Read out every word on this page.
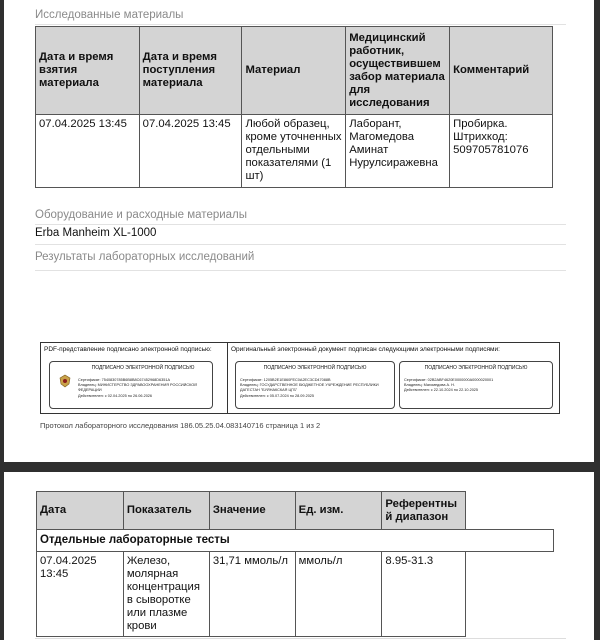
Исследованные материалы
Дата и время взятия материала	Дата и время поступления материала	Материал	Медицинский работник, осуществившем забор материала для исследования	Комментарий
07.04.2025 13:45	07.04.2025 13:45	Любой образец, кроме уточненных отдельными показателями (1 шт)	Лаборант, Магомедова Аминат Нурулсиражевна	Пробирка. Штрихкод: 509705781076
Оборудование и расходные материалы
Erba Manheim XL-1000
Результаты лабораторных исследований
PDF-представление подписано электронной подписью:	Оригинальный электронный документ подписан следующими электронными подписями:
ПОДПИСАНО ЭЛЕКТРОННОЙ ПОДПИСЬЮ
Сертификат: 7540830785B6B8B8C67452968D6351A
Владелец: МИНИСТЕРСТВО ЗДРАВООХРАНЕНИЯ РОССИЙСКОЙ
ФЕДЕРАЦИИ
Действителен: с 02.04.2025 по 26.06.2026
ПОДПИСАНО ЭЛЕКТРОННОЙ ПОДПИСЬЮ
Сертификат: 1205B2E1E860FEC0A2EC3CD47088B
Владелец: ГОСУДАРСТВЕННОЕ БЮДЖЕТНОЕ УЧРЕЖДЕНИЕ РЕСПУБЛИКИ
ДАГЕСТАН "БУЙНАКСКАЯ ЦГБ"
Действителен: с 05.07.2024 по 28.09.2025
ПОДПИСАНО ЭЛЕКТРОННОЙ ПОДПИСЬЮ
Сертификат: 02B2ABF4620E0000000A0000020001
Владелец: Магомедова А. Н.
Действителен: с 22.10.2024 по 22.10.2025
Протокол лабораторного исследования 186.05.25.04.083140716 страница 1 из 2
Дата	Показатель	Значение	Ед. изм.	Референтны й диапазон	
Отдельные лабораторные тесты					
07.04.2025 13:45	Железо, молярная концентрация в сыворотке или плазме крови	31,71 ммоль/л	ммоль/л	8.95-31.3	
